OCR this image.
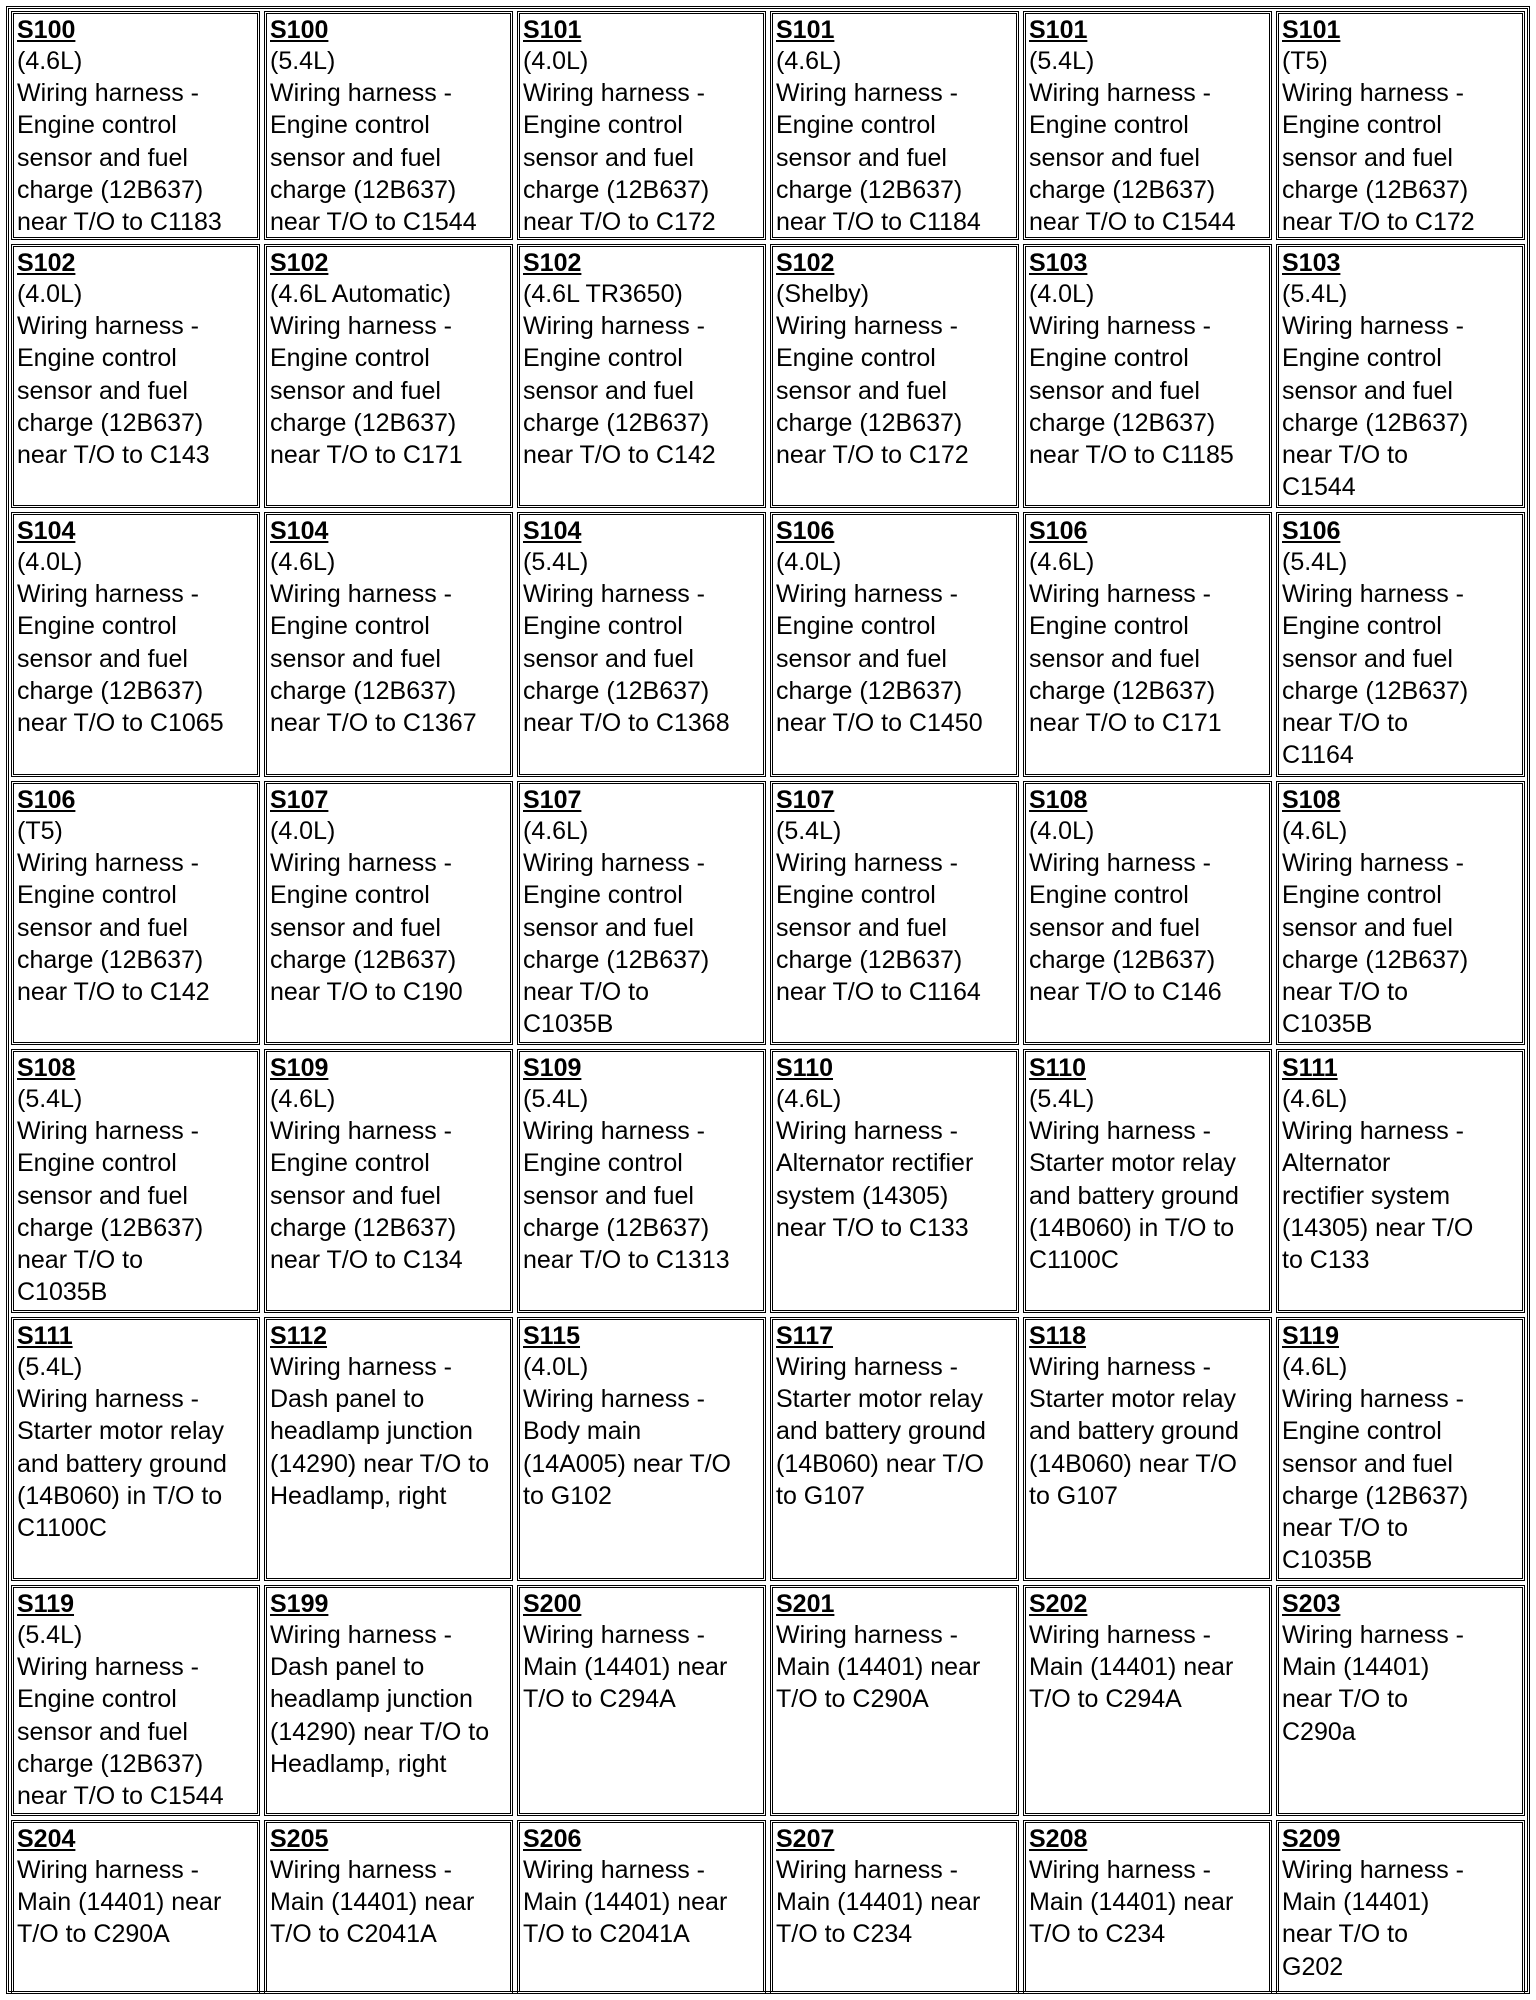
S100
(4.6L)
Wiring harness -
Engine control
sensor and fuel
charge (12B637)
near T/O to C1183
S100
(5.4L)
Wiring harness -
Engine control
sensor and fuel
charge (12B637)
near T/O to C1544
S101
(4.0L)
Wiring harness -
Engine control
sensor and fuel
charge (12B637)
near T/O to C172
S101
(4.6L)
Wiring harness -
Engine control
sensor and fuel
charge (12B637)
near T/O to C1184
S101
(5.4L)
Wiring harness -
Engine control
sensor and fuel
charge (12B637)
near T/O to C1544
S101
(T5)
Wiring harness -
Engine control
sensor and fuel
charge (12B637)
near T/O to C172
S102
(4.0L)
Wiring harness -
Engine control
sensor and fuel
charge (12B637)
near T/O to C143
S102
(4.6L Automatic)
Wiring harness -
Engine control
sensor and fuel
charge (12B637)
near T/O to C171
S102
(4.6L TR3650)
Wiring harness -
Engine control
sensor and fuel
charge (12B637)
near T/O to C142
S102
(Shelby)
Wiring harness -
Engine control
sensor and fuel
charge (12B637)
near T/O to C172
S103
(4.0L)
Wiring harness -
Engine control
sensor and fuel
charge (12B637)
near T/O to C1185
S103
(5.4L)
Wiring harness -
Engine control
sensor and fuel
charge (12B637)
near T/O to
C1544
S104
(4.0L)
Wiring harness -
Engine control
sensor and fuel
charge (12B637)
near T/O to C1065
S104
(4.6L)
Wiring harness -
Engine control
sensor and fuel
charge (12B637)
near T/O to C1367
S104
(5.4L)
Wiring harness -
Engine control
sensor and fuel
charge (12B637)
near T/O to C1368
S106
(4.0L)
Wiring harness -
Engine control
sensor and fuel
charge (12B637)
near T/O to C1450
S106
(4.6L)
Wiring harness -
Engine control
sensor and fuel
charge (12B637)
near T/O to C171
S106
(5.4L)
Wiring harness -
Engine control
sensor and fuel
charge (12B637)
near T/O to
C1164
S106
(T5)
Wiring harness -
Engine control
sensor and fuel
charge (12B637)
near T/O to C142
S107
(4.0L)
Wiring harness -
Engine control
sensor and fuel
charge (12B637)
near T/O to C190
S107
(4.6L)
Wiring harness -
Engine control
sensor and fuel
charge (12B637)
near T/O to
C1035B
S107
(5.4L)
Wiring harness -
Engine control
sensor and fuel
charge (12B637)
near T/O to C1164
S108
(4.0L)
Wiring harness -
Engine control
sensor and fuel
charge (12B637)
near T/O to C146
S108
(4.6L)
Wiring harness -
Engine control
sensor and fuel
charge (12B637)
near T/O to
C1035B
S108
(5.4L)
Wiring harness -
Engine control
sensor and fuel
charge (12B637)
near T/O to
C1035B
S109
(4.6L)
Wiring harness -
Engine control
sensor and fuel
charge (12B637)
near T/O to C134
S109
(5.4L)
Wiring harness -
Engine control
sensor and fuel
charge (12B637)
near T/O to C1313
S110
(4.6L)
Wiring harness -
Alternator rectifier
system (14305)
near T/O to C133
S110
(5.4L)
Wiring harness -
Starter motor relay
and battery ground
(14B060) in T/O to
C1100C
S111
(4.6L)
Wiring harness -
Alternator
rectifier system
(14305) near T/O
to C133
S111
(5.4L)
Wiring harness -
Starter motor relay
and battery ground
(14B060) in T/O to
C1100C
S112
Wiring harness -
Dash panel to
headlamp junction
(14290) near T/O to
Headlamp, right
S115
(4.0L)
Wiring harness -
Body main
(14A005) near T/O
to G102
S117
Wiring harness -
Starter motor relay
and battery ground
(14B060) near T/O
to G107
S118
Wiring harness -
Starter motor relay
and battery ground
(14B060) near T/O
to G107
S119
(4.6L)
Wiring harness -
Engine control
sensor and fuel
charge (12B637)
near T/O to
C1035B
S119
(5.4L)
Wiring harness -
Engine control
sensor and fuel
charge (12B637)
near T/O to C1544
S199
Wiring harness -
Dash panel to
headlamp junction
(14290) near T/O to
Headlamp, right
S200
Wiring harness -
Main (14401) near
T/O to C294A
S201
Wiring harness -
Main (14401) near
T/O to C290A
S202
Wiring harness -
Main (14401) near
T/O to C294A
S203
Wiring harness -
Main (14401)
near T/O to
C290a
S204
Wiring harness -
Main (14401) near
T/O to C290A
S205
Wiring harness -
Main (14401) near
T/O to C2041A
S206
Wiring harness -
Main (14401) near
T/O to C2041A
S207
Wiring harness -
Main (14401) near
T/O to C234
S208
Wiring harness -
Main (14401) near
T/O to C234
S209
Wiring harness -
Main (14401)
near T/O to
G202
